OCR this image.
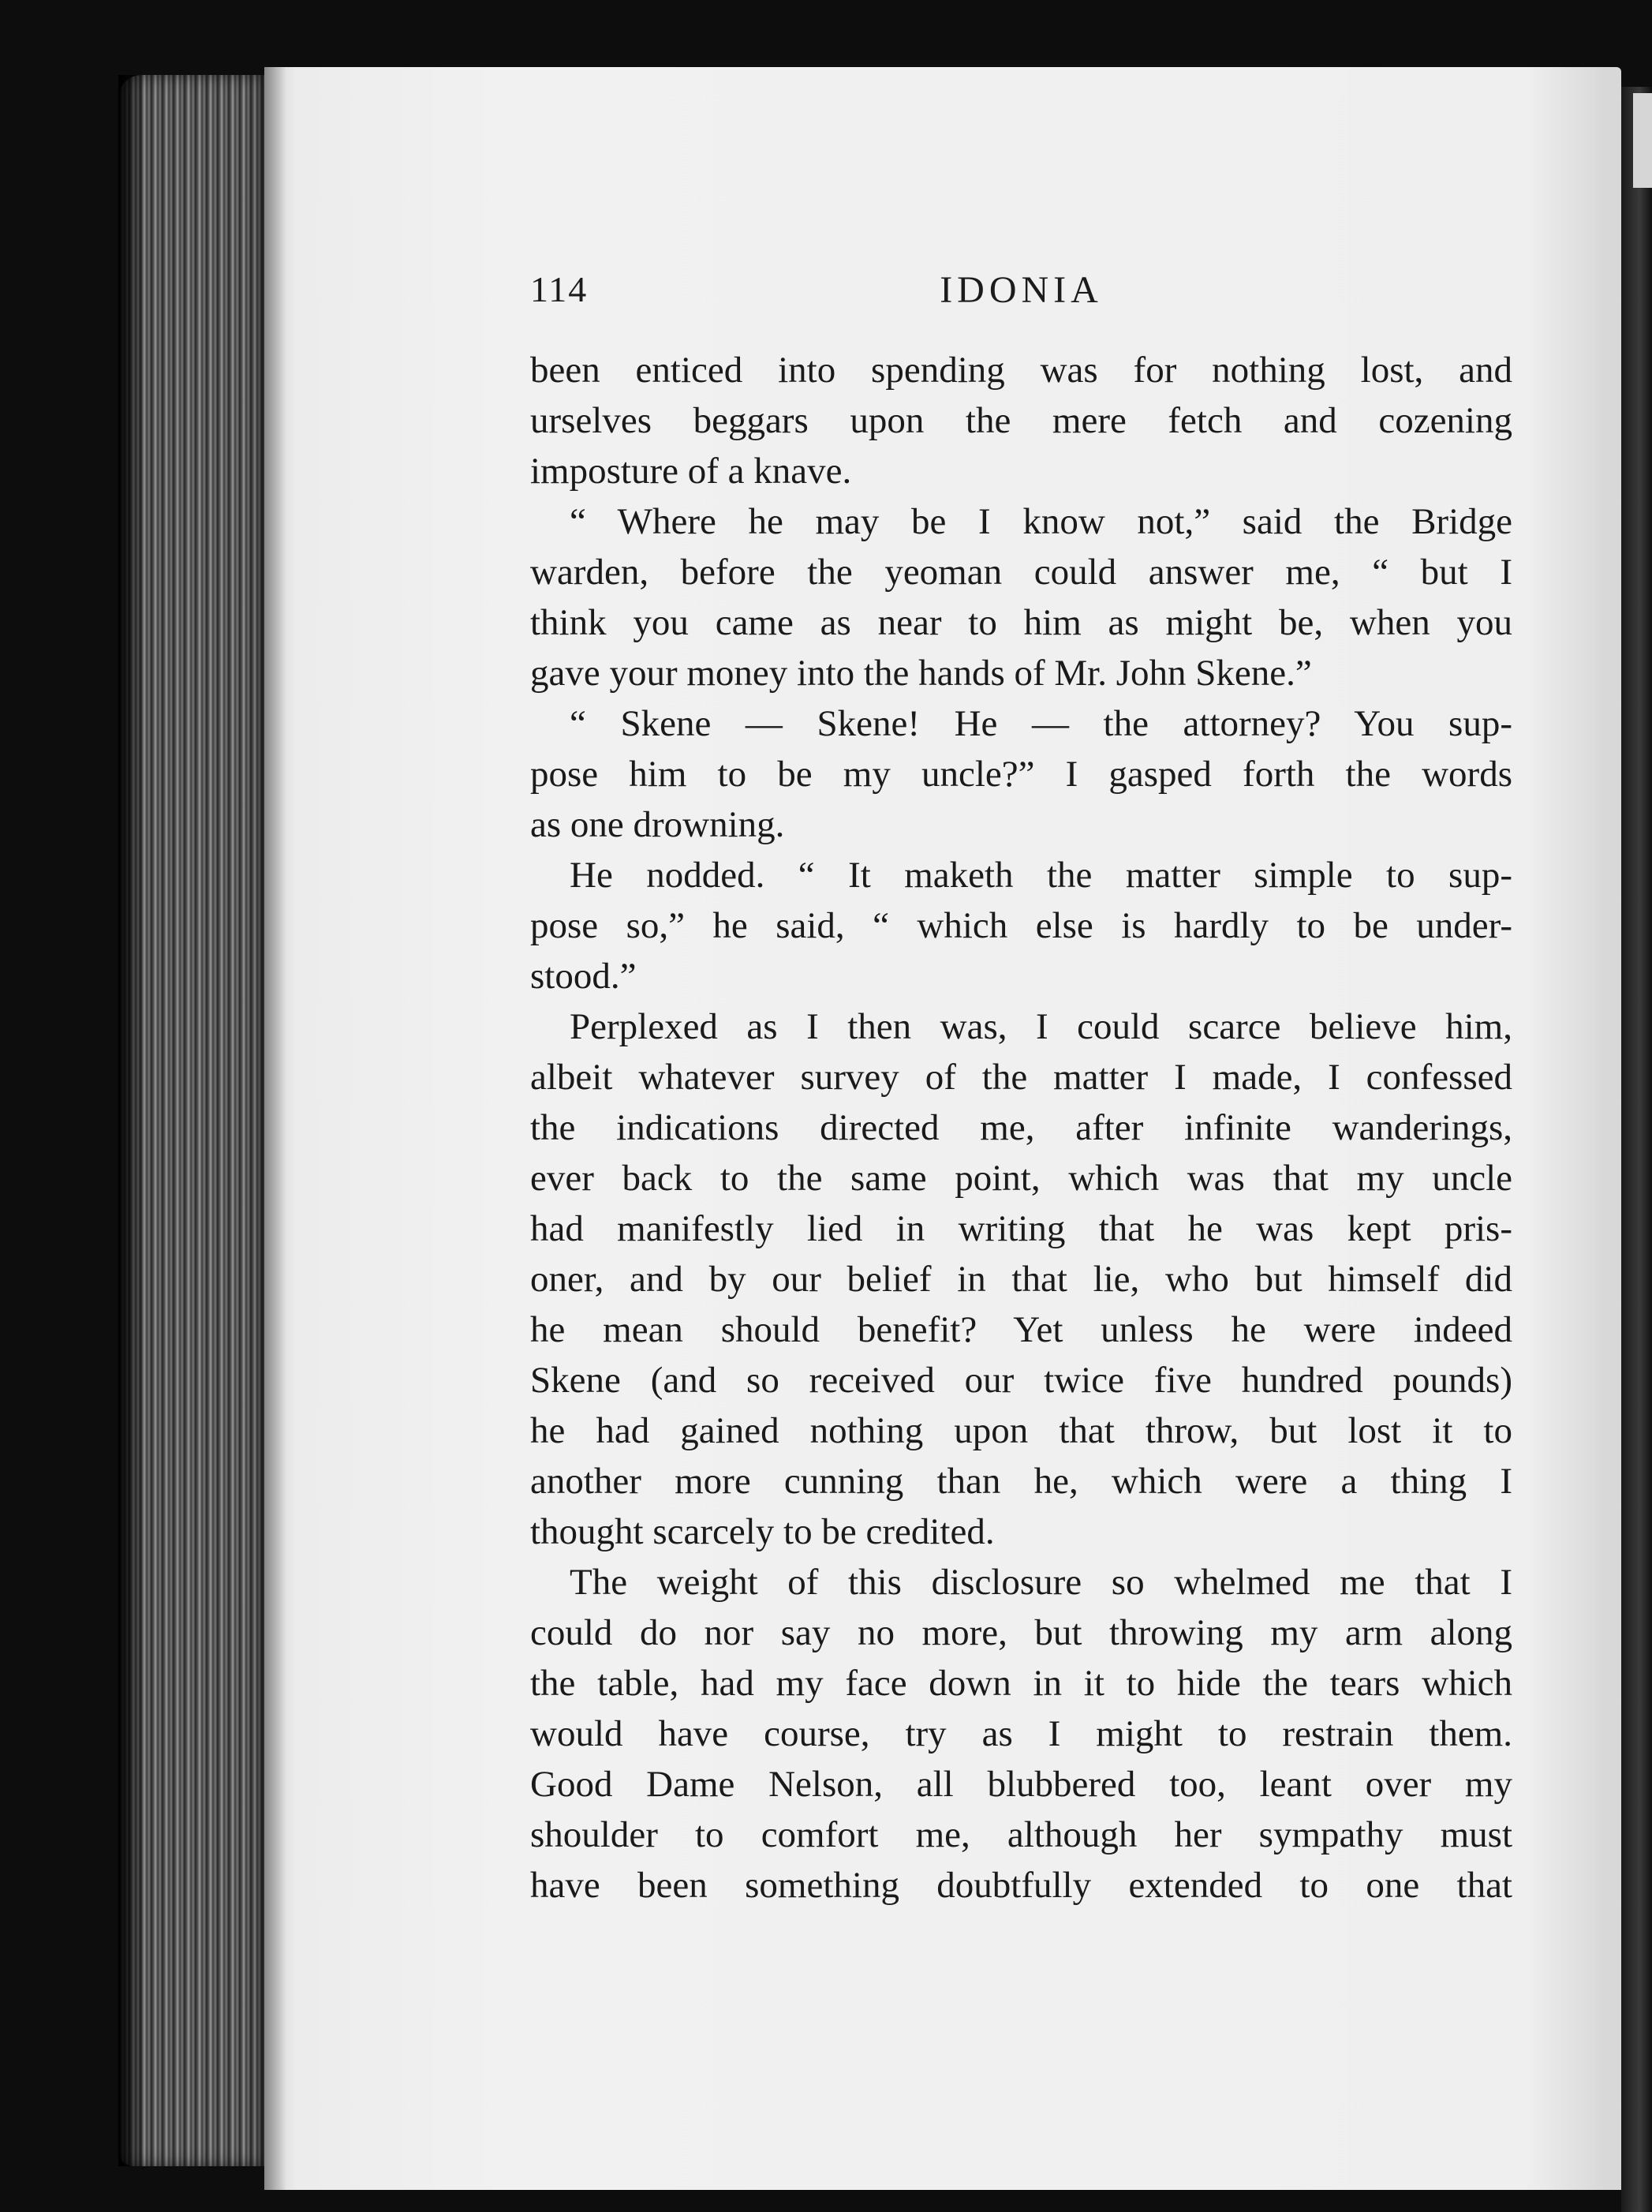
114	IDONIA
been enticed into spending was for nothing lost, and
urselves beggars upon the mere fetch and cozening
imposture of a knave.
“ Where he may be I know not,” said the Bridge
warden, before the yeoman could answer me, “ but I
think you came as near to him as might be, when you
gave your money into the hands of Mr. John Skene.”
“ Skene — Skene! He — the attorney? You sup-
pose him to be my uncle?” I gasped forth the words
as one drowning.
He nodded. “ It maketh the matter simple to sup-
pose so,” he said, “ which else is hardly to be under-
stood.”
Perplexed as I then was, I could scarce believe him,
albeit whatever survey of the matter I made, I confessed
the indications directed me, after infinite wanderings,
ever back to the same point, which was that my uncle
had manifestly lied in writing that he was kept pris-
oner, and by our belief in that lie, who but himself did
he mean should benefit? Yet unless he were indeed
Skene (and so received our twice five hundred pounds)
he had gained nothing upon that throw, but lost it to
another more cunning than he, which were a thing I
thought scarcely to be credited.
The weight of this disclosure so whelmed me that I
could do nor say no more, but throwing my arm along
the table, had my face down in it to hide the tears which
would have course, try as I might to restrain them.
Good Dame Nelson, all blubbered too, leant over my
shoulder to comfort me, although her sympathy must
have been something doubtfully extended to one that
